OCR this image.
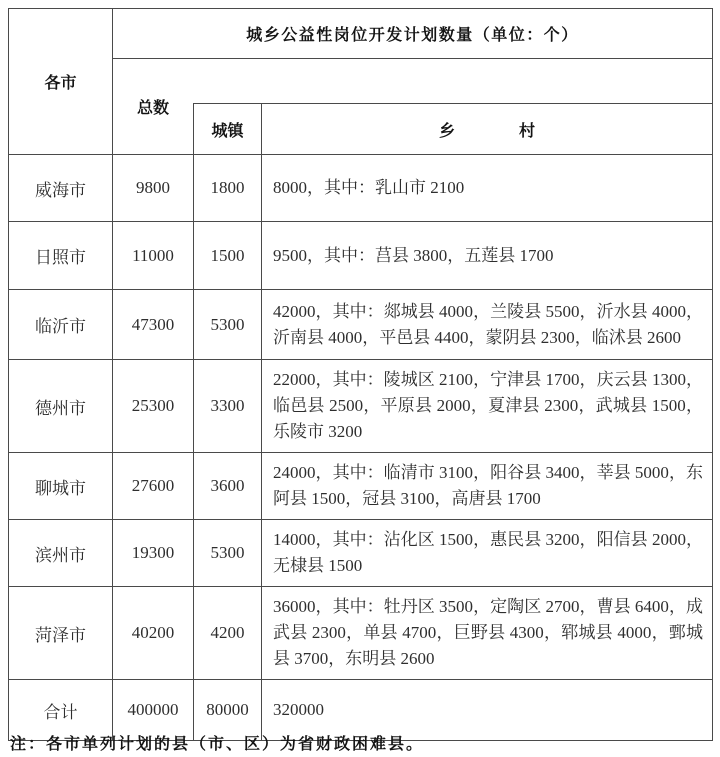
各市	城乡公益性岗位开发计划数量（单位：个）		
	总数		
		城镇	乡　　　　村
威海市	9800	1800	8000，其中：乳山市 2100
日照市	11000	1500	9500，其中：莒县 3800，五莲县 1700
临沂市	47300	5300	42000，其中：郯城县 4000，兰陵县 5500，沂水县 4000，沂南县 4000，平邑县 4400，蒙阴县 2300，临沭县 2600
德州市	25300	3300	22000，其中：陵城区 2100，宁津县 1700，庆云县 1300，临邑县 2500，平原县 2000，夏津县 2300，武城县 1500，乐陵市 3200
聊城市	27600	3600	24000，其中：临清市 3100，阳谷县 3400，莘县 5000，东阿县 1500，冠县 3100，高唐县 1700
滨州市	19300	5300	14000，其中：沾化区 1500，惠民县 3200，阳信县 2000，无棣县 1500
菏泽市	40200	4200	36000，其中：牡丹区 3500，定陶区 2700，曹县 6400，成武县 2300，单县 4700，巨野县 4300，郓城县 4000，鄄城县 3700，东明县 2600
合计	400000	80000	320000
注：各市单列计划的县（市、区）为省财政困难县。
